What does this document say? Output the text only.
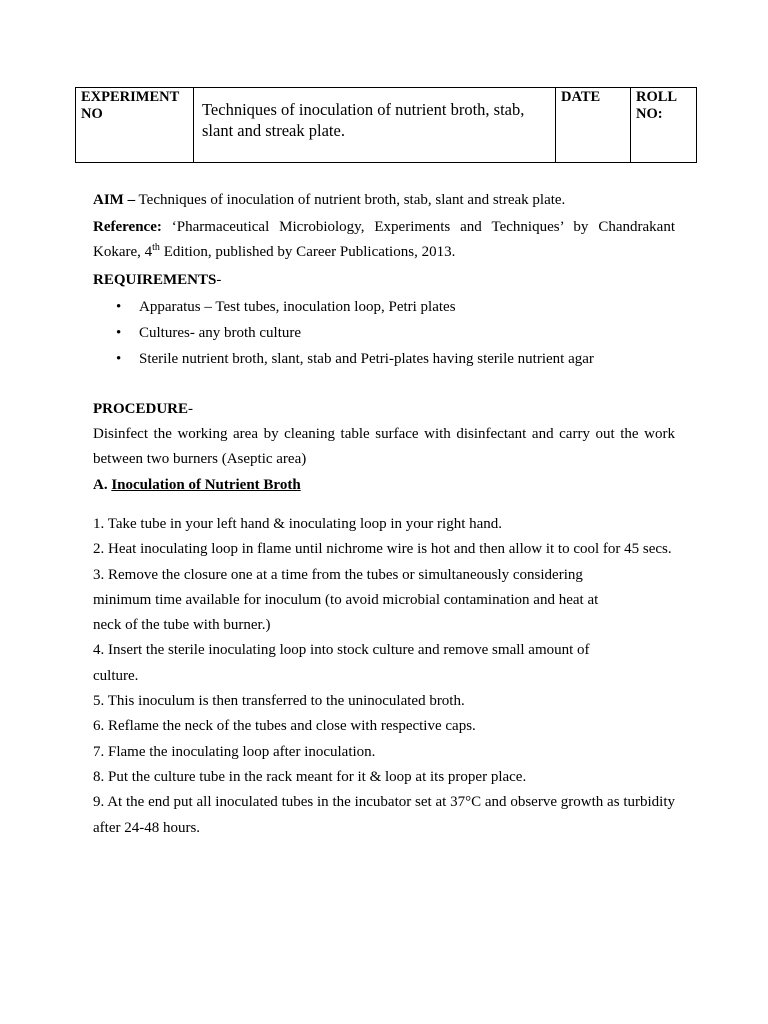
EXPERIMENT NO	Techniques of inoculation of nutrient broth, stab, slant and streak plate.	DATE	ROLL NO:
AIM – Techniques of inoculation of nutrient broth, stab, slant and streak plate.
Reference: ‘Pharmaceutical Microbiology, Experiments and Techniques’ by Chandrakant Kokare, 4th Edition, published by Career Publications, 2013.
REQUIREMENTS-
• Apparatus – Test tubes, inoculation loop, Petri plates
• Cultures- any broth culture
• Sterile nutrient broth, slant, stab and Petri-plates having sterile nutrient agar
PROCEDURE-
Disinfect the working area by cleaning table surface with disinfectant and carry out the work between two burners (Aseptic area)
A. Inoculation of Nutrient Broth
1. Take tube in your left hand & inoculating loop in your right hand.
2. Heat inoculating loop in flame until nichrome wire is hot and then allow it to cool for 45 secs.
3. Remove the closure one at a time from the tubes or simultaneously considering
minimum time available for inoculum (to avoid microbial contamination and heat at
neck of the tube with burner.)
4. Insert the sterile inoculating loop into stock culture and remove small amount of
culture.
5. This inoculum is then transferred to the uninoculated broth.
6. Reflame the neck of the tubes and close with respective caps.
7. Flame the inoculating loop after inoculation.
8. Put the culture tube in the rack meant for it & loop at its proper place.
9. At the end put all inoculated tubes in the incubator set at 37°C and observe growth as turbidity after 24-48 hours.
